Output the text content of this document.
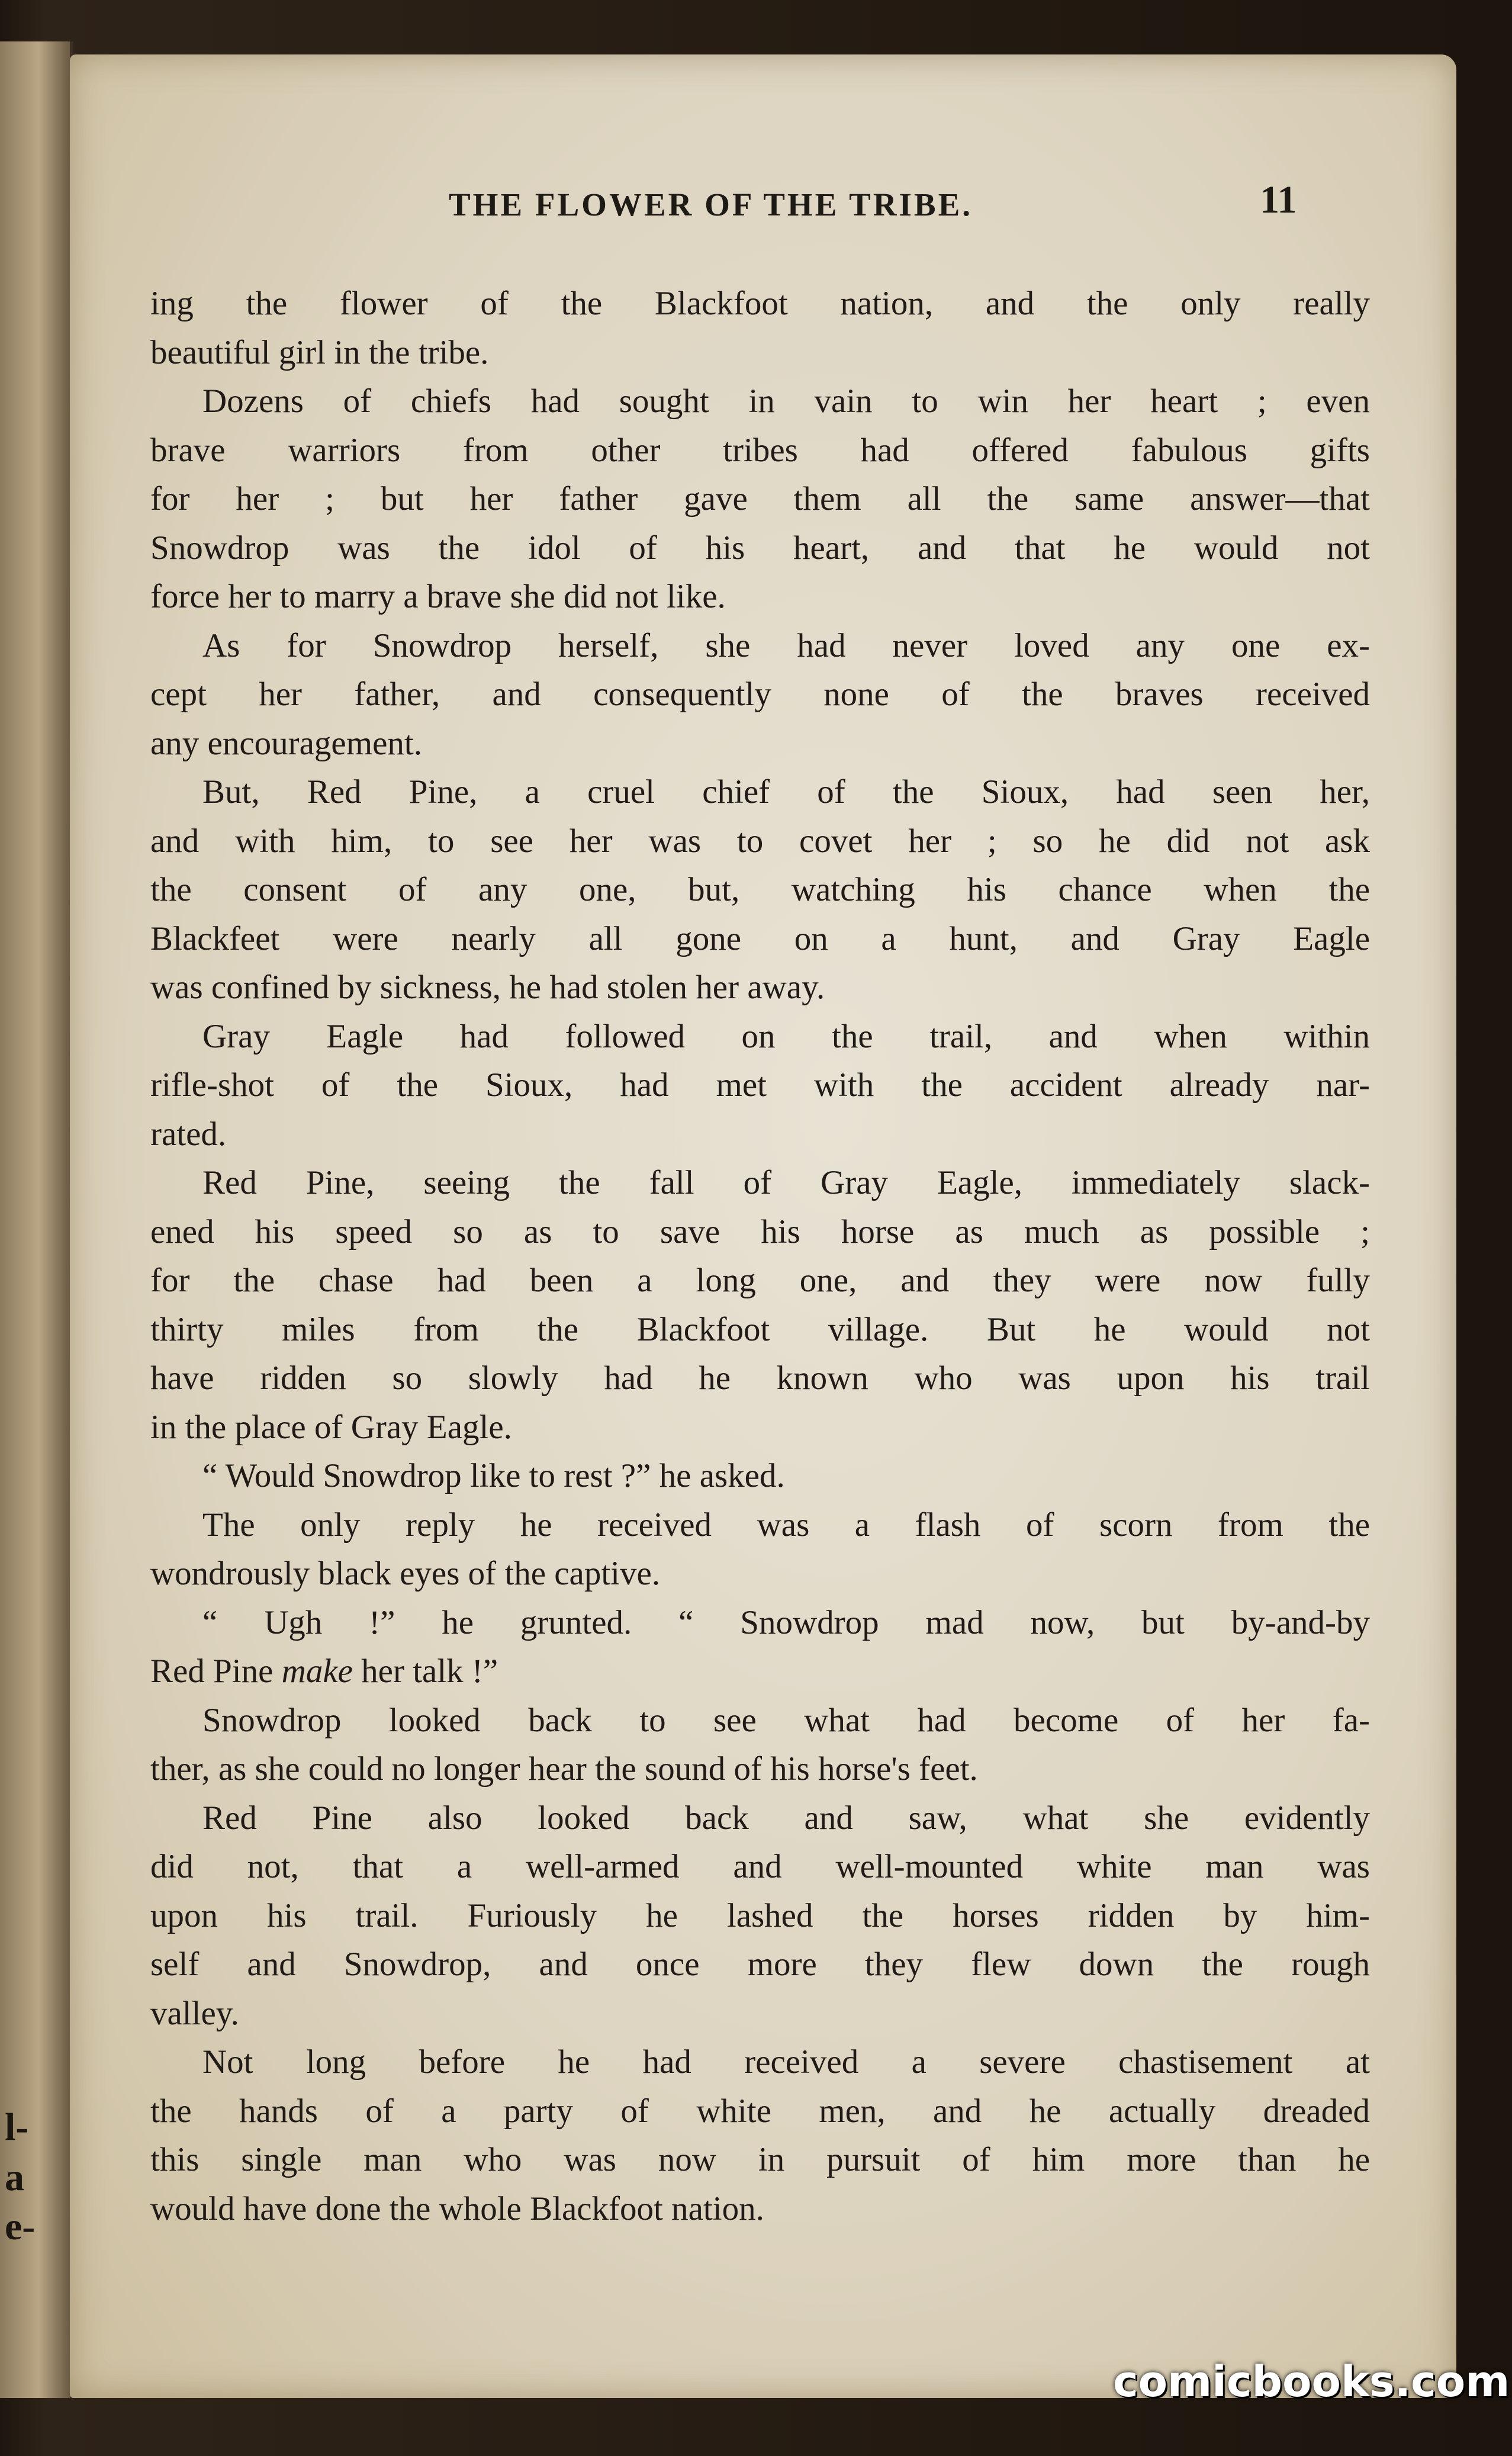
l-
a
e-
THE FLOWER OF THE TRIBE.	11
ing the flower of the Blackfoot nation, and the only really
beautiful girl in the tribe.
Dozens of chiefs had sought in vain to win her heart ; even
brave warriors from other tribes had offered fabulous gifts
for her ; but her father gave them all the same answer—that
Snowdrop was the idol of his heart, and that he would not
force her to marry a brave she did not like.
As for Snowdrop herself, she had never loved any one ex-
cept her father, and consequently none of the braves received
any encouragement.
But, Red Pine, a cruel chief of the Sioux, had seen her,
and with him, to see her was to covet her ; so he did not ask
the consent of any one, but, watching his chance when the
Blackfeet were nearly all gone on a hunt, and Gray Eagle
was confined by sickness, he had stolen her away.
Gray Eagle had followed on the trail, and when within
rifle-shot of the Sioux, had met with the accident already nar-
rated.
Red Pine, seeing the fall of Gray Eagle, immediately slack-
ened his speed so as to save his horse as much as possible ;
for the chase had been a long one, and they were now fully
thirty miles from the Blackfoot village. But he would not
have ridden so slowly had he known who was upon his trail
in the place of Gray Eagle.
“ Would Snowdrop like to rest ?” he asked.
The only reply he received was a flash of scorn from the
wondrously black eyes of the captive.
“ Ugh !” he grunted. “ Snowdrop mad now, but by-and-by
Red Pine make her talk !”
Snowdrop looked back to see what had become of her fa-
ther, as she could no longer hear the sound of his horse's feet.
Red Pine also looked back and saw, what she evidently
did not, that a well-armed and well-mounted white man was
upon his trail. Furiously he lashed the horses ridden by him-
self and Snowdrop, and once more they flew down the rough
valley.
Not long before he had received a severe chastisement at
the hands of a party of white men, and he actually dreaded
this single man who was now in pursuit of him more than he
would have done the whole Blackfoot nation.
comicbooks.com
